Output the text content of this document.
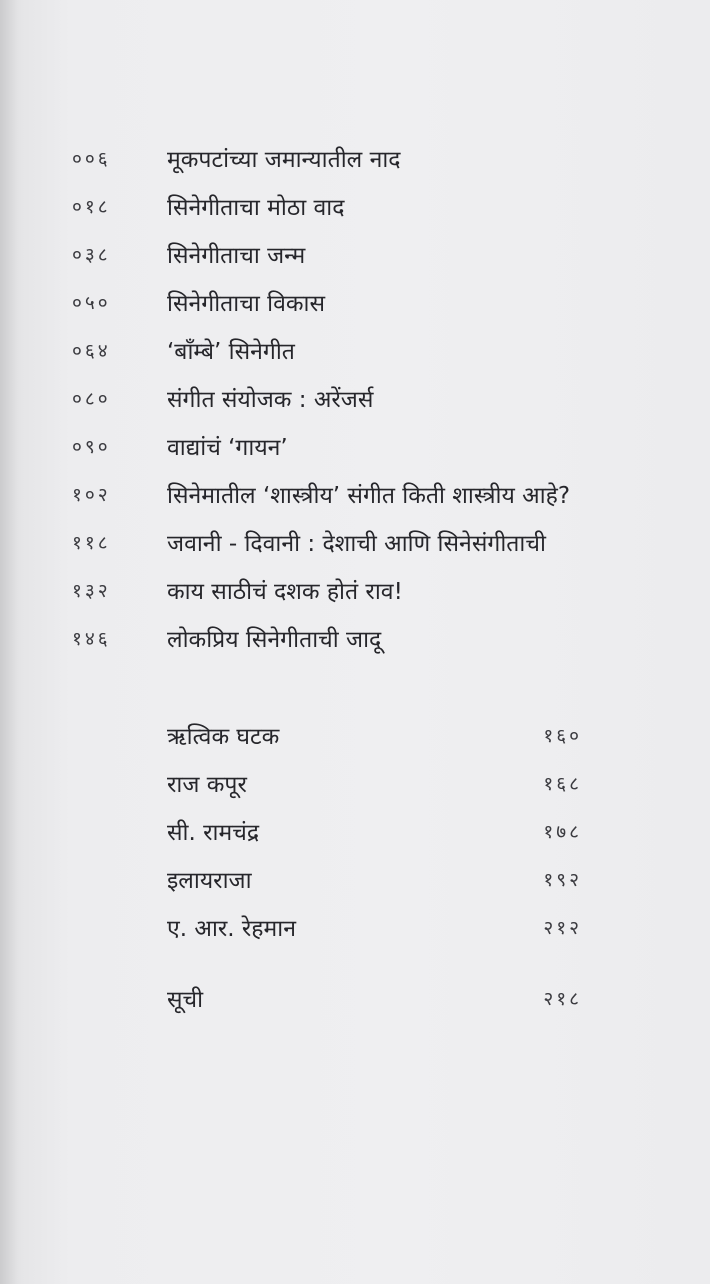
००६	मूकपटांच्या जमान्यातील नाद
०१८	सिनेगीताचा मोठा वाद
०३८	सिनेगीताचा जन्म
०५०	सिनेगीताचा विकास
०६४	‘बाँम्बे’ सिनेगीत
०८०	संगीत संयोजक : अरेंजर्स
०९०	वाद्यांचं ‘गायन’
१०२	सिनेमातील ‘शास्त्रीय’ संगीत किती शास्त्रीय आहे?
११८	जवानी - दिवानी : देशाची आणि सिनेसंगीताची
१३२	काय साठीचं दशक होतं राव!
१४६	लोकप्रिय सिनेगीताची जादू
ऋत्विक घटक	१६०
राज कपूर	१६८
सी. रामचंद्र	१७८
इलायराजा	१९२
ए. आर. रेहमान	२१२
सूची	२१८
